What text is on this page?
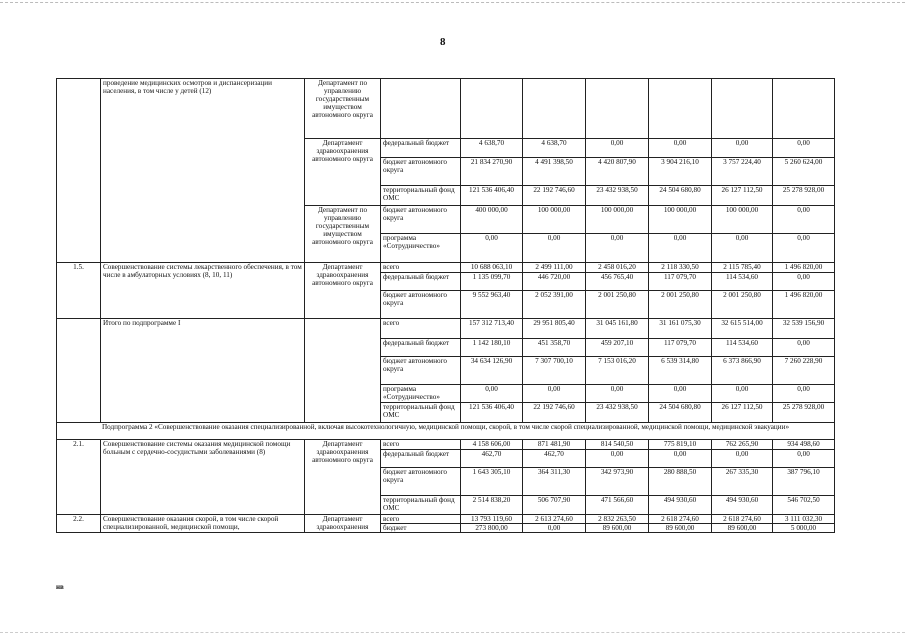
8
	проведение медицинских осмотров и диспансеризации населения, в том числе у детей (12)	Департамент по управлению государственным имуществом автономного округа							
		Департамент здравоохранения автономного округа	федеральный бюджет	4 638,70	4 638,70	0,00	0,00	0,00	0,00
			бюджет автономного округа	21 834 270,90	4 491 398,50	4 420 807,90	3 904 216,10	3 757 224,40	5 260 624,00
			территориальный фонд ОМС	121 536 406,40	22 192 746,60	23 432 938,50	24 504 680,80	26 127 112,50	25 278 928,00
		Департамент по управлению государственным имуществом автономного округа	бюджет автономного округа	400 000,00	100 000,00	100 000,00	100 000,00	100 000,00	0,00
			программа «Сотрудничество»	0,00	0,00	0,00	0,00	0,00	0,00
1.5.	Совершенствование системы лекарственного обеспечения, в том числе в амбулаторных условиях (8, 10, 11)	Департамент здравоохранения автономного округа	всего	10 688 063,10	2 499 111,00	2 458 016,20	2 118 330,50	2 115 785,40	1 496 820,00
			федеральный бюджет	1 135 099,70	446 720,00	456 765,40	117 079,70	114 534,60	0,00
			бюджет автономного округа	9 552 963,40	2 052 391,00	2 001 250,80	2 001 250,80	2 001 250,80	1 496 820,00
	Итого по подпрограмме I		всего	157 312 713,40	29 951 805,40	31 045 161,80	31 161 075,30	32 615 514,00	32 539 156,90
			федеральный бюджет	1 142 180,10	451 358,70	459 207,10	117 079,70	114 534,60	0,00
			бюджет автономного округа	34 634 126,90	7 307 700,10	7 153 016,20	6 539 314,80	6 373 866,90	7 260 228,90
			программа «Сотрудничество»	0,00	0,00	0,00	0,00	0,00	0,00
			территориальный фонд ОМС	121 536 406,40	22 192 746,60	23 432 938,50	24 504 680,80	26 127 112,50	25 278 928,00
Подпрограмма 2 «Совершенствование оказания специализированной, включая высокотехнологичную, медицинской помощи, скорой, в том числе скорой специализированной, медицинской помощи, медицинской эвакуации»									
2.1.	Совершенствование системы оказания медицинской помощи больным с сердечно-сосудистыми заболеваниями (8)	Департамент здравоохранения автономного округа	всего	4 158 606,00	871 481,90	814 540,50	775 819,10	762 265,90	934 498,60
			федеральный бюджет	462,70	462,70	0,00	0,00	0,00	0,00
			бюджет автономного округа	1 643 305,10	364 311,30	342 973,90	280 888,50	267 335,30	387 796,10
			территориальный фонд ОМС	2 514 838,20	506 707,90	471 566,60	494 930,60	494 930,60	546 702,50
2.2.	Совершенствование оказания скорой, в том числе скорой специализированной, медицинской помощи,	Департамент здравоохранения	всего	13 793 119,60	2 613 274,60	2 832 263,50	2 618 274,60	2 618 274,60	3 111 032,30
			бюджет	273 800,00	0,00	89 600,00	89 600,00	89 600,00	5 000,00
нв
